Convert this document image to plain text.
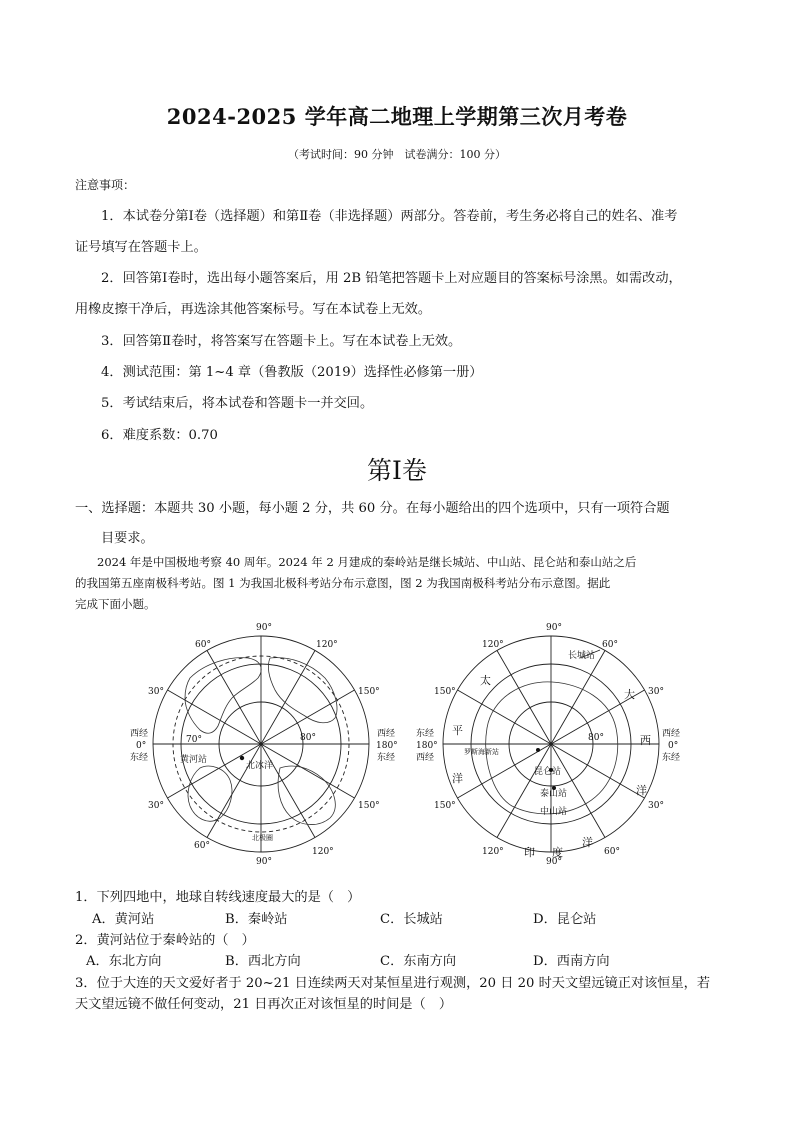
2024-2025 学年高二地理上学期第三次月考卷
（考试时间：90 分钟　试卷满分：100 分）
注意事项：
1．本试卷分第Ⅰ卷（选择题）和第Ⅱ卷（非选择题）两部分。答卷前，考生务必将自己的姓名、准考
证号填写在答题卡上。
2．回答第Ⅰ卷时，选出每小题答案后，用 2B 铅笔把答题卡上对应题目的答案标号涂黑。如需改动，
用橡皮擦干净后，再选涂其他答案标号。写在本试卷上无效。
3．回答第Ⅱ卷时，将答案写在答题卡上。写在本试卷上无效。
4．测试范围：第 1~4 章（鲁教版（2019）选择性必修第一册）
5．考试结束后，将本试卷和答题卡一并交回。
6．难度系数：0.70
第Ⅰ卷
一、选择题：本题共 30 小题，每小题 2 分，共 60 分。在每小题给出的四个选项中，只有一项符合题
目要求。
2024 年是中国极地考察 40 周年。2024 年 2 月建成的秦岭站是继长城站、中山站、昆仑站和泰山站之后
的我国第五座南极科考站。图 1 为我国北极科考站分布示意图，图 2 为我国南极科考站分布示意图。据此
完成下面小题。
90°
90°
60°	120°
30°	150°
30°	150°
60°
120°
西经
0°
东经
西经
180°
东经
70°	80°
黄河站
北冰洋
北极圈
90°
90°
120°	60°
150°	30°
150°	30°
120°	60°
东经
180°
西经
西经
0°
东经
80°
长城站
昆仑站
泰山站
中山站
罗斯海新站
太
平
洋
大
西
洋
印 度
洋
1．下列四地中，地球自转线速度最大的是（　）
A．黄河站	B．秦岭站	C．长城站	D．昆仑站
2．黄河站位于秦岭站的（　）
A．东北方向	B．西北方向	C．东南方向	D．西南方向
3．位于大连的天文爱好者于 20~21 日连续两天对某恒星进行观测，20 日 20 时天文望远镜正对该恒星，若
天文望远镜不做任何变动，21 日再次正对该恒星的时间是（　）
